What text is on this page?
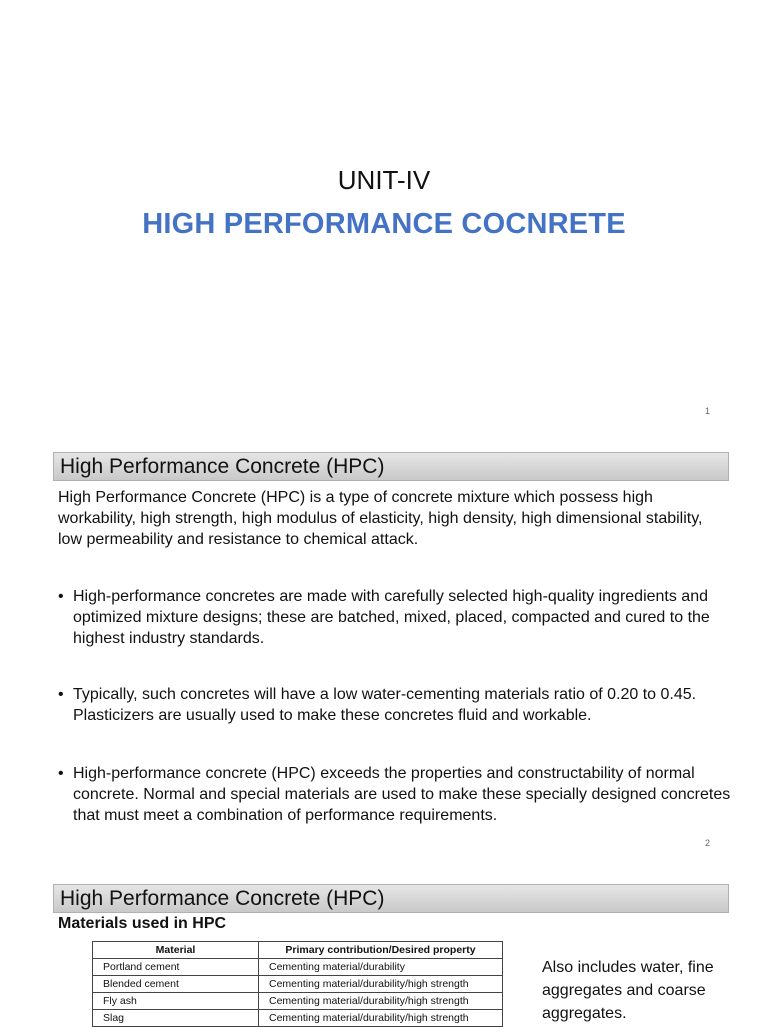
UNIT-IV
HIGH PERFORMANCE COCNRETE
1
High Performance Concrete (HPC)
High Performance Concrete (HPC) is a type of concrete mixture which possess high workability, high strength, high modulus of elasticity, high density, high dimensional stability, low permeability and resistance to chemical attack.
• High-performance concretes are made with carefully selected high-quality ingredients and optimized mixture designs; these are batched, mixed, placed, compacted and cured to the highest industry standards.
• Typically, such concretes will have a low water-cementing materials ratio of 0.20 to 0.45. Plasticizers are usually used to make these concretes fluid and workable.
• High-performance concrete (HPC) exceeds the properties and constructability of normal concrete. Normal and special materials are used to make these specially designed concretes that must meet a combination of performance requirements.
2
High Performance Concrete (HPC)
Materials used in HPC
Material	Primary contribution/Desired property
Portland cement	Cementing material/durability
Blended cement	Cementing material/durability/high strength
Fly ash	Cementing material/durability/high strength
Slag	Cementing material/durability/high strength
Also includes water, fine aggregates and coarse aggregates.
